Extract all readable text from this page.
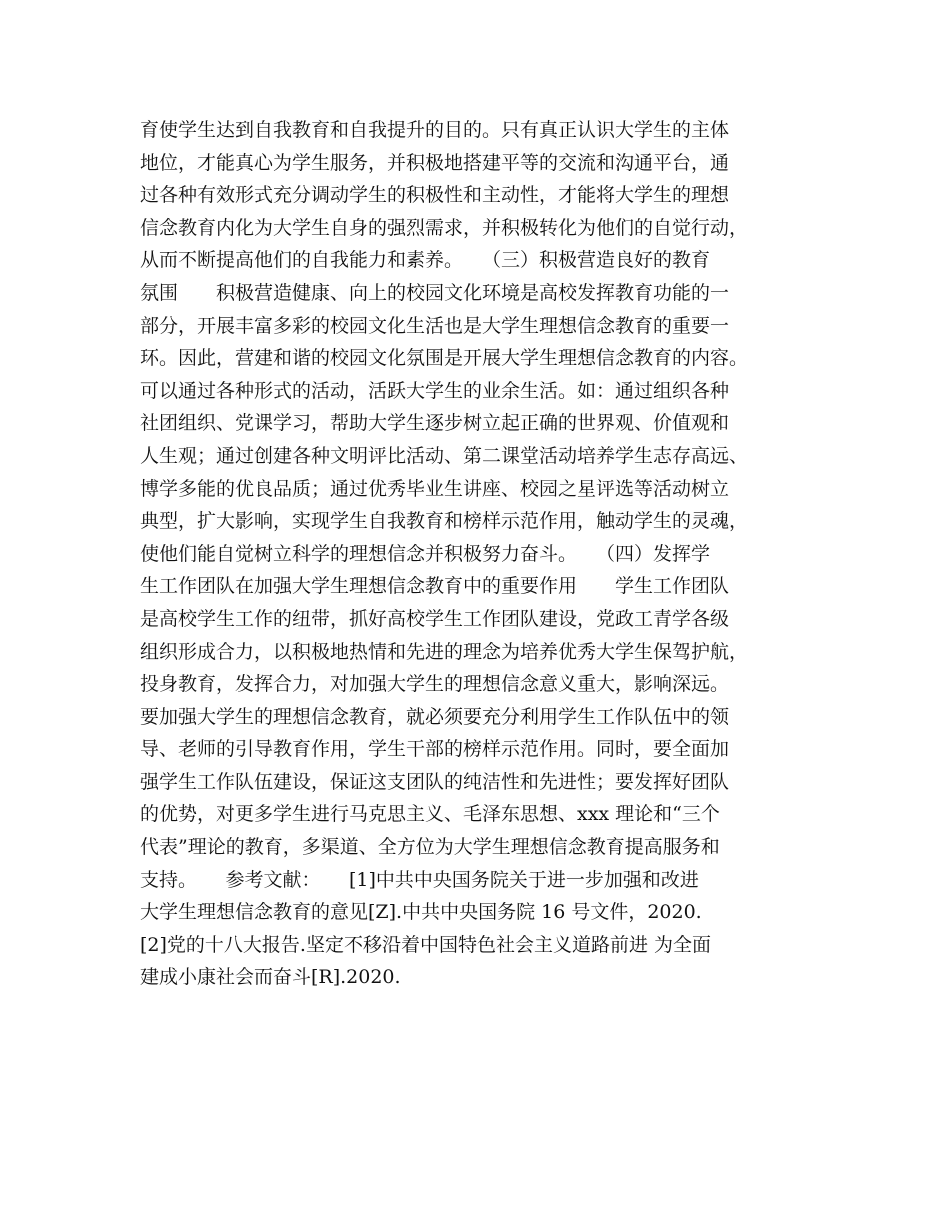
育使学生达到自我教育和自我提升的目的。只有真正认识大学生的主体
地位，才能真心为学生服务，并积极地搭建平等的交流和沟通平台，通
过各种有效形式充分调动学生的积极性和主动性，才能将大学生的理想
信念教育内化为大学生自身的强烈需求，并积极转化为他们的自觉行动，
从而不断提高他们的自我能力和素养。　　（三）积极营造良好的教育
氛围　　积极营造健康、向上的校园文化环境是高校发挥教育功能的一
部分，开展丰富多彩的校园文化生活也是大学生理想信念教育的重要一
环。因此，营建和谐的校园文化氛围是开展大学生理想信念教育的内容。
可以通过各种形式的活动，活跃大学生的业余生活。如：通过组织各种
社团组织、党课学习，帮助大学生逐步树立起正确的世界观、价值观和
人生观；通过创建各种文明评比活动、第二课堂活动培养学生志存高远、
博学多能的优良品质；通过优秀毕业生讲座、校园之星评选等活动树立
典型，扩大影响，实现学生自我教育和榜样示范作用，触动学生的灵魂，
使他们能自觉树立科学的理想信念并积极努力奋斗。　　（四）发挥学
生工作团队在加强大学生理想信念教育中的重要作用　　学生工作团队
是高校学生工作的纽带，抓好高校学生工作团队建设，党政工青学各级
组织形成合力，以积极地热情和先进的理念为培养优秀大学生保驾护航，
投身教育，发挥合力，对加强大学生的理想信念意义重大，影响深远。
要加强大学生的理想信念教育，就必须要充分利用学生工作队伍中的领
导、老师的引导教育作用，学生干部的榜样示范作用。同时，要全面加
强学生工作队伍建设，保证这支团队的纯洁性和先进性；要发挥好团队
的优势，对更多学生进行马克思主义、毛泽东思想、xxx 理论和“三个
代表”理论的教育，多渠道、全方位为大学生理想信念教育提高服务和
支持。　　参考文献：　　[1]中共中央国务院关于进一步加强和改进
大学生理想信念教育的意见[Z].中共中央国务院 16 号文件，2020.
[2]党的十八大报告.坚定不移沿着中国特色社会主义道路前进 为全面
建成小康社会而奋斗[R].2020.
